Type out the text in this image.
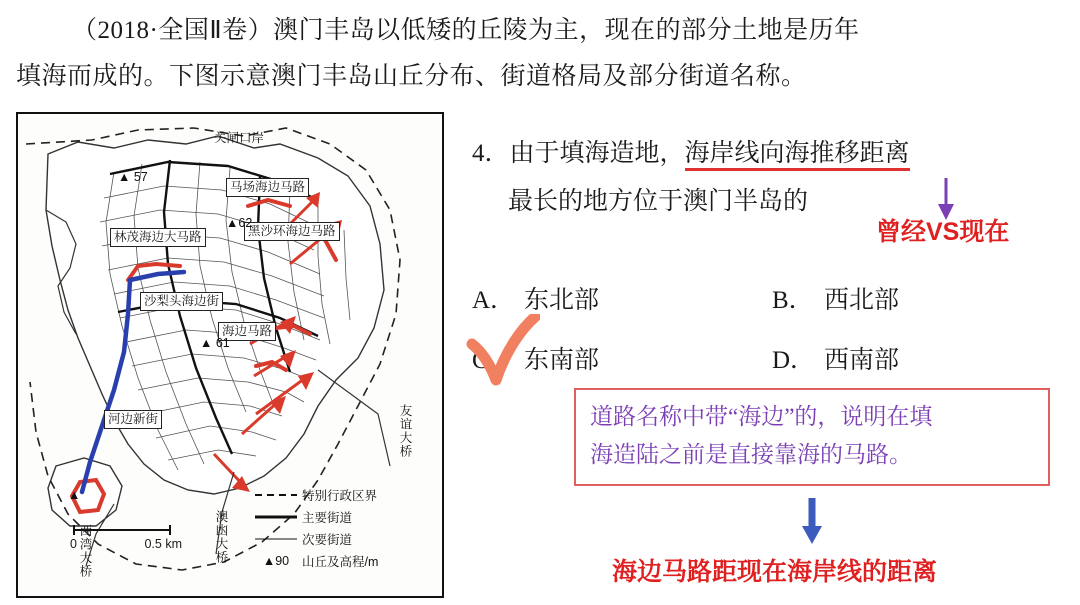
（2018·全国Ⅱ卷）澳门丰岛以低矮的丘陵为主，现在的部分土地是历年
填海而成的。下图示意澳门丰岛山丘分布、街道格局及部分街道名称。
关闸口岸
马场海边马路
黑沙环海边马路
林茂海边大马路
沙梨头海边街
海边马路
河边新街
▲ 57
▲62
▲ 61
▲
友谊大桥
澳凼大桥
西湾大桥
0	0.5 km
特别行政区界
主要街道
次要街道
▲90	山丘及高程/m
4．由于填海造地，海岸线向海推移距离
最长的地方位于澳门半岛的
曾经VS现在
A． 东北部	B． 西北部
C． 东南部	D． 西南部
道路名称中带“海边”的，说明在填
海造陆之前是直接靠海的马路。
海边马路距现在海岸线的距离
